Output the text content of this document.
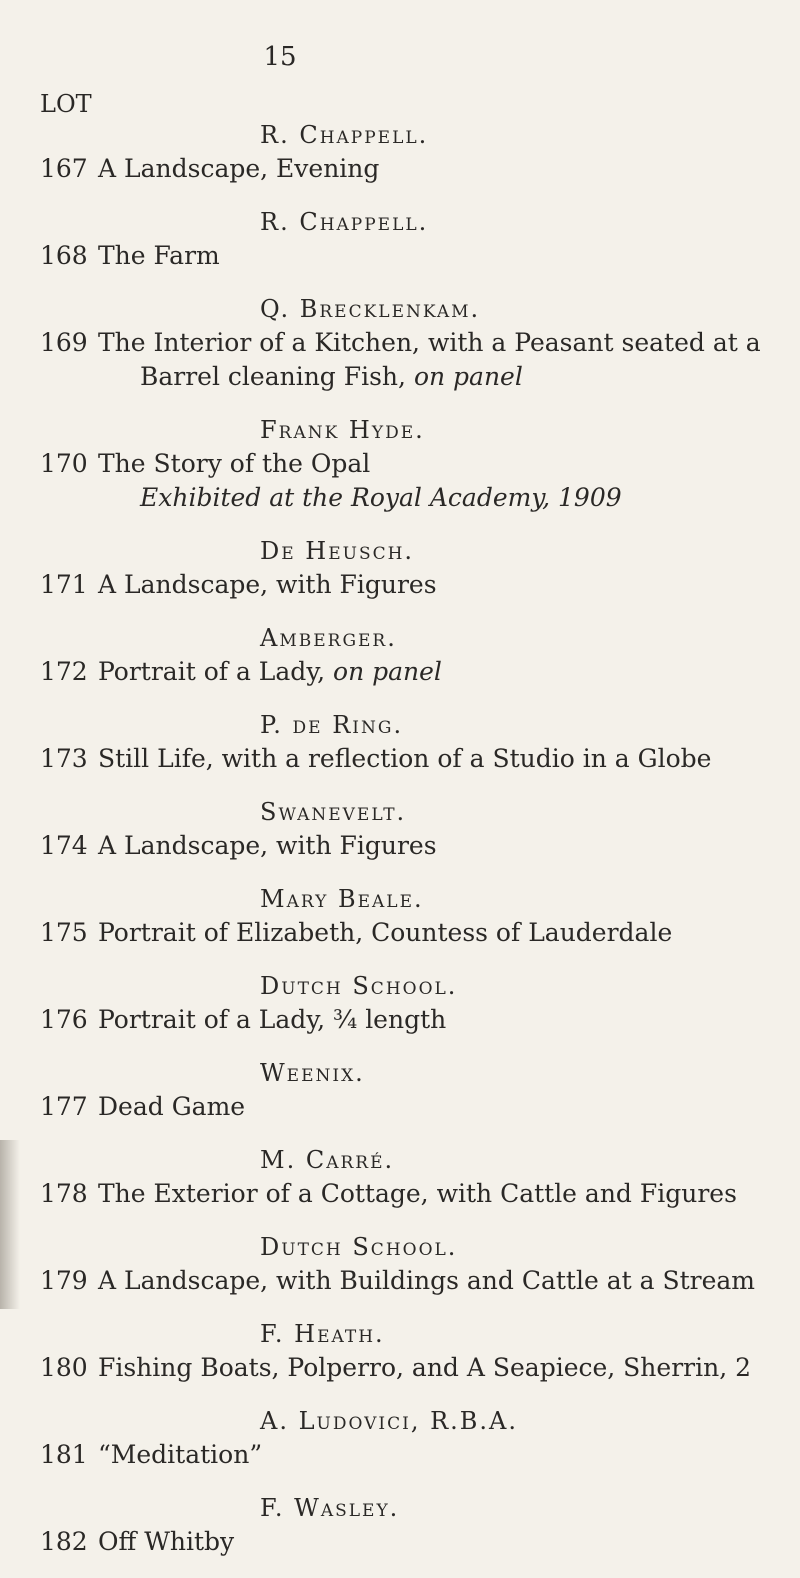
15
LOT
R. Chappell.
167 A Landscape, Evening
R. Chappell.
168 The Farm
Q. Brecklenkam.
169 The Interior of a Kitchen, with a Peasant seated at a
Barrel cleaning Fish, on panel
Frank Hyde.
170 The Story of the Opal
Exhibited at the Royal Academy, 1909
De Heusch.
171 A Landscape, with Figures
Amberger.
172 Portrait of a Lady, on panel
P. de Ring.
173 Still Life, with a reflection of a Studio in a Globe
Swanevelt.
174 A Landscape, with Figures
Mary Beale.
175 Portrait of Elizabeth, Countess of Lauderdale
Dutch School.
176 Portrait of a Lady, ¾ length
Weenix.
177 Dead Game
M. Carré.
178 The Exterior of a Cottage, with Cattle and Figures
Dutch School.
179 A Landscape, with Buildings and Cattle at a Stream
F. Heath.
180 Fishing Boats, Polperro, and A Seapiece, Sherrin, 2
A. Ludovici, R.B.A.
181 “Meditation”
F. Wasley.
182 Off Whitby
